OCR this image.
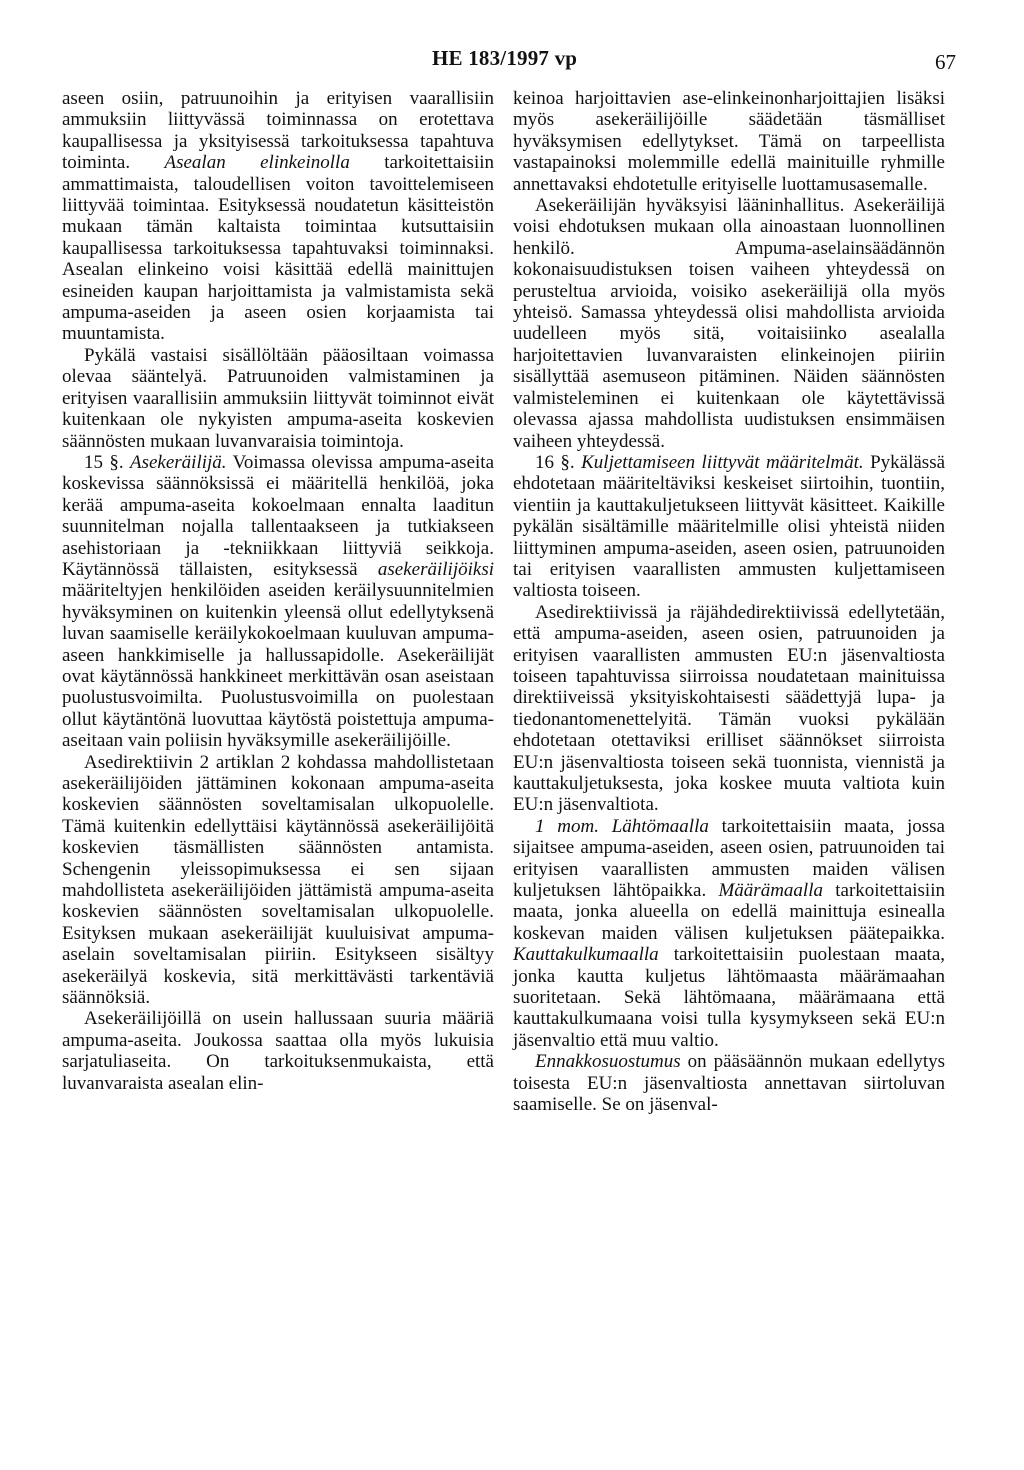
HE 183/1997 vp	67

aseen osiin, patruunoihin ja erityisen vaarallisiin ammuksiin liittyvässä toiminnassa on erotettava kaupallisessa ja yksityisessä tarkoituksessa tapahtuva toiminta. Asealan elinkeinolla tarkoitettaisiin ammattimaista, taloudellisen voiton tavoittelemiseen liittyvää toimintaa. Esityksessä noudatetun käsitteistön mukaan tämän kaltaista toimintaa kutsuttaisiin kaupallisessa tarkoituksessa tapahtuvaksi toiminnaksi. Asealan elinkeino voisi käsittää edellä mainittujen esineiden kaupan harjoittamista ja valmistamista sekä ampuma-aseiden ja aseen osien korjaamista tai muuntamista.

Pykälä vastaisi sisällöltään pääosiltaan voimassa olevaa sääntelyä. Patruunoiden valmistaminen ja erityisen vaarallisiin ammuksiin liittyvät toiminnot eivät kuitenkaan ole nykyisten ampuma-aseita koskevien säännösten mukaan luvanvaraisia toimintoja.

15 §. Asekeräilijä. Voimassa olevissa ampuma-aseita koskevissa säännöksissä ei määritellä henkilöä, joka kerää ampuma-aseita kokoelmaan ennalta laaditun suunnitelman nojalla tallentaakseen ja tutkiakseen asehistoriaan ja -tekniikkaan liittyviä seikkoja. Käytännössä tällaisten, esityksessä asekeräilijöiksi määriteltyjen henkilöiden aseiden keräilysuunnitelmien hyväksyminen on kuitenkin yleensä ollut edellytyksenä luvan saamiselle keräilykokoelmaan kuuluvan ampuma-aseen hankkimiselle ja hallussapidolle. Asekeräilijät ovat käytännössä hankkineet merkittävän osan aseistaan puolustusvoimilta. Puolustusvoimilla on puolestaan ollut käytäntönä luovuttaa käytöstä poistettuja ampuma-aseitaan vain poliisin hyväksymille asekeräilijöille.

Asedirektiivin 2 artiklan 2 kohdassa mahdollistetaan asekeräilijöiden jättäminen kokonaan ampuma-aseita koskevien säännösten soveltamisalan ulkopuolelle. Tämä kuitenkin edellyttäisi käytännössä asekeräilijöitä koskevien täsmällisten säännösten antamista. Schengenin yleissopimuksessa ei sen sijaan mahdollisteta asekeräilijöiden jättämistä ampuma-aseita koskevien säännösten soveltamisalan ulkopuolelle. Esityksen mukaan asekeräilijät kuuluisivat ampuma-aselain soveltamisalan piiriin. Esitykseen sisältyy asekeräilyä koskevia, sitä merkittävästi tarkentäviä säännöksiä.

Asekeräilijöillä on usein hallussaan suuria määriä ampuma-aseita. Joukossa saattaa olla myös lukuisia sarjatuliaseita. On tarkoituksenmukaista, että luvanvaraista asealan elin-

keinoa harjoittavien ase-elinkeinonharjoittajien lisäksi myös asekeräilijöille säädetään täsmälliset hyväksymisen edellytykset. Tämä on tarpeellista vastapainoksi molemmille edellä mainituille ryhmille annettavaksi ehdotetulle erityiselle luottamusasemalle.

Asekeräilijän hyväksyisi lääninhallitus. Asekeräilijä voisi ehdotuksen mukaan olla ainoastaan luonnollinen henkilö. Ampuma-aselainsäädännön kokonaisuudistuksen toisen vaiheen yhteydessä on perusteltua arvioida, voisiko asekeräilijä olla myös yhteisö. Samassa yhteydessä olisi mahdollista arvioida uudelleen myös sitä, voitaisiinko asealalla harjoitettavien luvanvaraisten elinkeinojen piiriin sisällyttää asemuseon pitäminen. Näiden säännösten valmisteleminen ei kuitenkaan ole käytettävissä olevassa ajassa mahdollista uudistuksen ensimmäisen vaiheen yhteydessä.

16 §. Kuljettamiseen liittyvät määritelmät. Pykälässä ehdotetaan määriteltäviksi keskeiset siirtoihin, tuontiin, vientiin ja kauttakuljetukseen liittyvät käsitteet. Kaikille pykälän sisältämille määritelmille olisi yhteistä niiden liittyminen ampuma-aseiden, aseen osien, patruunoiden tai erityisen vaarallisten ammusten kuljettamiseen valtiosta toiseen.

Asedirektiivissä ja räjähdedirektiivissä edellytetään, että ampuma-aseiden, aseen osien, patruunoiden ja erityisen vaarallisten ammusten EU:n jäsenvaltiosta toiseen tapahtuvissa siirroissa noudatetaan mainituissa direktiiveissä yksityiskohtaisesti säädettyjä lupa- ja tiedonantomenettelyitä. Tämän vuoksi pykälään ehdotetaan otettaviksi erilliset säännökset siirroista EU:n jäsenvaltiosta toiseen sekä tuonnista, viennistä ja kauttakuljetuksesta, joka koskee muuta valtiota kuin EU:n jäsenvaltiota.

1 mom. Lähtömaalla tarkoitettaisiin maata, jossa sijaitsee ampuma-aseiden, aseen osien, patruunoiden tai erityisen vaarallisten ammusten maiden välisen kuljetuksen lähtöpaikka. Määrämaalla tarkoitettaisiin maata, jonka alueella on edellä mainittuja esinealla koskevan maiden välisen kuljetuksen päätepaikka. Kauttakulkumaalla tarkoitettaisiin puolestaan maata, jonka kautta kuljetus lähtömaasta määrämaahan suoritetaan. Sekä lähtömaana, määrämaana että kauttakulkumaana voisi tulla kysymykseen sekä EU:n jäsenvaltio että muu valtio.

Ennakkosuostumus on pääsäännön mukaan edellytys toisesta EU:n jäsenvaltiosta annettavan siirtoluvan saamiselle. Se on jäsenval-
